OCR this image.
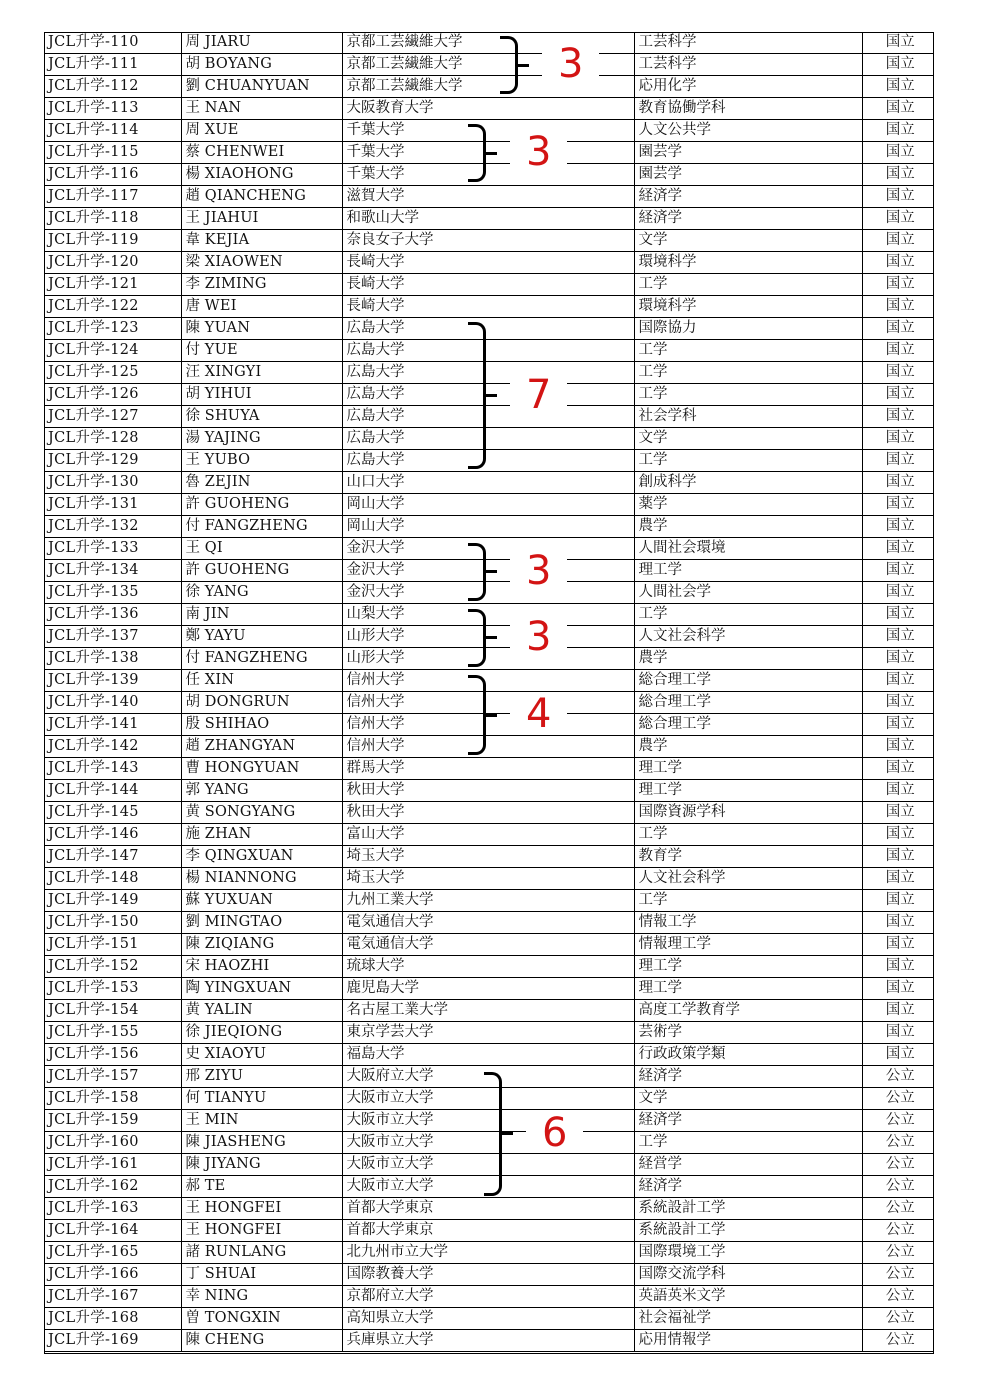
JCL升学-110	周 JIARU	京都工芸繊維大学	工芸科学	国立
JCL升学-111	胡 BOYANG	京都工芸繊維大学	工芸科学	国立
JCL升学-112	劉 CHUANYUAN	京都工芸繊維大学	応用化学	国立
JCL升学-113	王 NAN	大阪教育大学	教育協働学科	国立
JCL升学-114	周 XUE	千葉大学	人文公共学	国立
JCL升学-115	蔡 CHENWEI	千葉大学	園芸学	国立
JCL升学-116	楊 XIAOHONG	千葉大学	園芸学	国立
JCL升学-117	趙 QIANCHENG	滋賀大学	経済学	国立
JCL升学-118	王 JIAHUI	和歌山大学	経済学	国立
JCL升学-119	韋 KEJIA	奈良女子大学	文学	国立
JCL升学-120	梁 XIAOWEN	長崎大学	環境科学	国立
JCL升学-121	李 ZIMING	長崎大学	工学	国立
JCL升学-122	唐 WEI	長崎大学	環境科学	国立
JCL升学-123	陳 YUAN	広島大学	国際協力	国立
JCL升学-124	付 YUE	広島大学	工学	国立
JCL升学-125	汪 XINGYI	広島大学	工学	国立
JCL升学-126	胡 YIHUI	広島大学	工学	国立
JCL升学-127	徐 SHUYA	広島大学	社会学科	国立
JCL升学-128	湯 YAJING	広島大学	文学	国立
JCL升学-129	王 YUBO	広島大学	工学	国立
JCL升学-130	魯 ZEJIN	山口大学	創成科学	国立
JCL升学-131	許 GUOHENG	岡山大学	薬学	国立
JCL升学-132	付 FANGZHENG	岡山大学	農学	国立
JCL升学-133	王 QI	金沢大学	人間社会環境	国立
JCL升学-134	許 GUOHENG	金沢大学	理工学	国立
JCL升学-135	徐 YANG	金沢大学	人間社会学	国立
JCL升学-136	南 JIN	山梨大学	工学	国立
JCL升学-137	鄭 YAYU	山形大学	人文社会科学	国立
JCL升学-138	付 FANGZHENG	山形大学	農学	国立
JCL升学-139	任 XIN	信州大学	総合理工学	国立
JCL升学-140	胡 DONGRUN	信州大学	総合理工学	国立
JCL升学-141	殷 SHIHAO	信州大学	総合理工学	国立
JCL升学-142	趙 ZHANGYAN	信州大学	農学	国立
JCL升学-143	曹 HONGYUAN	群馬大学	理工学	国立
JCL升学-144	郭 YANG	秋田大学	理工学	国立
JCL升学-145	黄 SONGYANG	秋田大学	国際資源学科	国立
JCL升学-146	施 ZHAN	富山大学	工学	国立
JCL升学-147	李 QINGXUAN	埼玉大学	教育学	国立
JCL升学-148	楊 NIANNONG	埼玉大学	人文社会科学	国立
JCL升学-149	蘇 YUXUAN	九州工業大学	工学	国立
JCL升学-150	劉 MINGTAO	電気通信大学	情報工学	国立
JCL升学-151	陳 ZIQIANG	電気通信大学	情報理工学	国立
JCL升学-152	宋 HAOZHI	琉球大学	理工学	国立
JCL升学-153	陶 YINGXUAN	鹿児島大学	理工学	国立
JCL升学-154	黄 YALIN	名古屋工業大学	高度工学教育学	国立
JCL升学-155	徐 JIEQIONG	東京学芸大学	芸術学	国立
JCL升学-156	史 XIAOYU	福島大学	行政政策学類	国立
JCL升学-157	邢 ZIYU	大阪府立大学	経済学	公立
JCL升学-158	何 TIANYU	大阪市立大学	文学	公立
JCL升学-159	王 MIN	大阪市立大学	経済学	公立
JCL升学-160	陳 JIASHENG	大阪市立大学	工学	公立
JCL升学-161	陳 JIYANG	大阪市立大学	経営学	公立
JCL升学-162	郝 TE	大阪市立大学	経済学	公立
JCL升学-163	王 HONGFEI	首都大学東京	系統設計工学	公立
JCL升学-164	王 HONGFEI	首都大学東京	系統設計工学	公立
JCL升学-165	諸 RUNLANG	北九州市立大学	国際環境工学	公立
JCL升学-166	丁 SHUAI	国際教養大学	国際交流学科	公立
JCL升学-167	幸 NING	京都府立大学	英語英米文学	公立
JCL升学-168	曽 TONGXIN	高知県立大学	社会福祉学	公立
JCL升学-169	陳 CHENG	兵庫県立大学	応用情報学	公立
3
3
7
3
3
4
6
